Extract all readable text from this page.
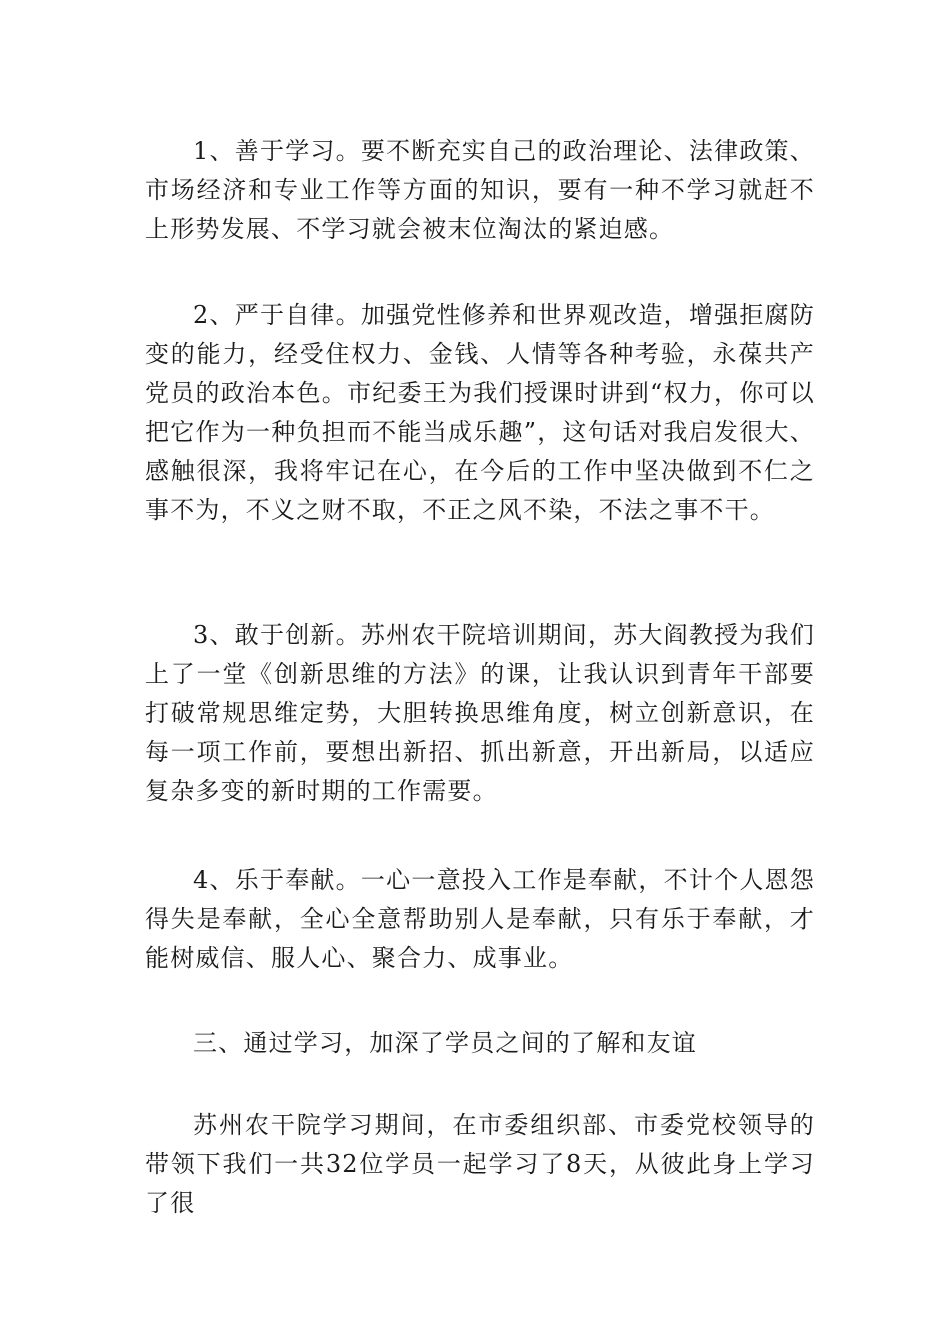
1、善于学习。要不断充实自己的政治理论、法律政策、市场经济和专业工作等方面的知识，要有一种不学习就赶不上形势发展、不学习就会被末位淘汰的紧迫感。

2、严于自律。加强党性修养和世界观改造，增强拒腐防变的能力，经受住权力、金钱、人情等各种考验，永葆共产党员的政治本色。市纪委王为我们授课时讲到“权力，你可以把它作为一种负担而不能当成乐趣”，这句话对我启发很大、感触很深，我将牢记在心，在今后的工作中坚决做到不仁之事不为，不义之财不取，不正之风不染，不法之事不干。

3、敢于创新。苏州农干院培训期间，苏大阎教授为我们上了一堂《创新思维的方法》的课，让我认识到青年干部要打破常规思维定势，大胆转换思维角度，树立创新意识，在每一项工作前，要想出新招、抓出新意，开出新局，以适应复杂多变的新时期的工作需要。

4、乐于奉献。一心一意投入工作是奉献，不计个人恩怨得失是奉献，全心全意帮助别人是奉献，只有乐于奉献，才能树威信、服人心、聚合力、成事业。

三、通过学习，加深了学员之间的了解和友谊

苏州农干院学习期间，在市委组织部、市委党校领导的带领下我们一共32位学员一起学习了8天，从彼此身上学习了很
